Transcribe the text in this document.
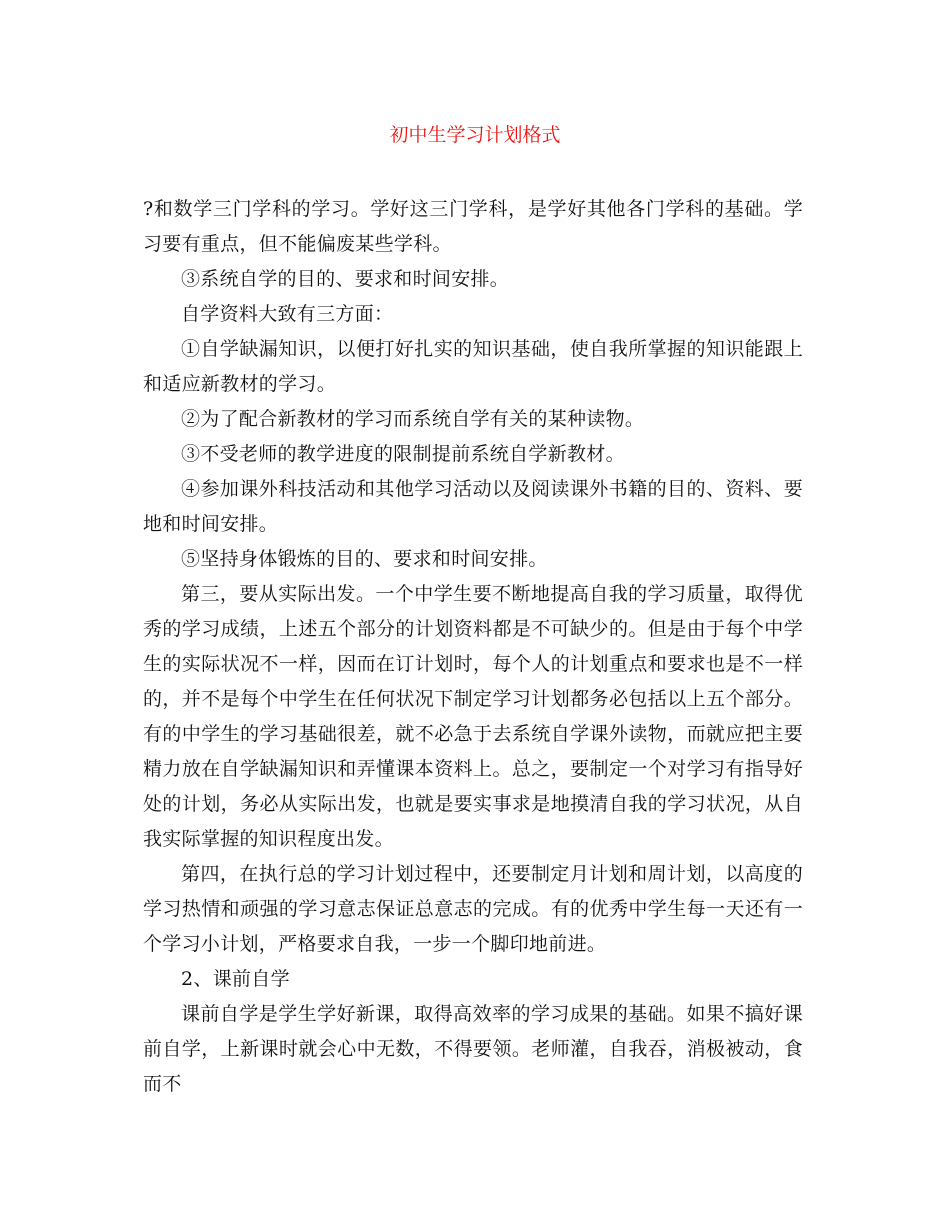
初中生学习计划格式

?和数学三门学科的学习。学好这三门学科，是学好其他各门学科的基础。学习要有重点，但不能偏废某些学科。

③系统自学的目的、要求和时间安排。

自学资料大致有三方面：

①自学缺漏知识，以便打好扎实的知识基础，使自我所掌握的知识能跟上和适应新教材的学习。

②为了配合新教材的学习而系统自学有关的某种读物。

③不受老师的教学进度的限制提前系统自学新教材。

④参加课外科技活动和其他学习活动以及阅读课外书籍的目的、资料、要地和时间安排。

⑤坚持身体锻炼的目的、要求和时间安排。

第三，要从实际出发。一个中学生要不断地提高自我的学习质量，取得优秀的学习成绩，上述五个部分的计划资料都是不可缺少的。但是由于每个中学生的实际状况不一样，因而在订计划时，每个人的计划重点和要求也是不一样的，并不是每个中学生在任何状况下制定学习计划都务必包括以上五个部分。有的中学生的学习基础很差，就不必急于去系统自学课外读物，而就应把主要精力放在自学缺漏知识和弄懂课本资料上。总之，要制定一个对学习有指导好处的计划，务必从实际出发，也就是要实事求是地摸清自我的学习状况，从自我实际掌握的知识程度出发。

第四，在执行总的学习计划过程中，还要制定月计划和周计划，以高度的学习热情和顽强的学习意志保证总意志的完成。有的优秀中学生每一天还有一个学习小计划，严格要求自我，一步一个脚印地前进。

2、课前自学

课前自学是学生学好新课，取得高效率的学习成果的基础。如果不搞好课前自学，上新课时就会心中无数，不得要领。老师灌，自我吞，消极被动，食而不
